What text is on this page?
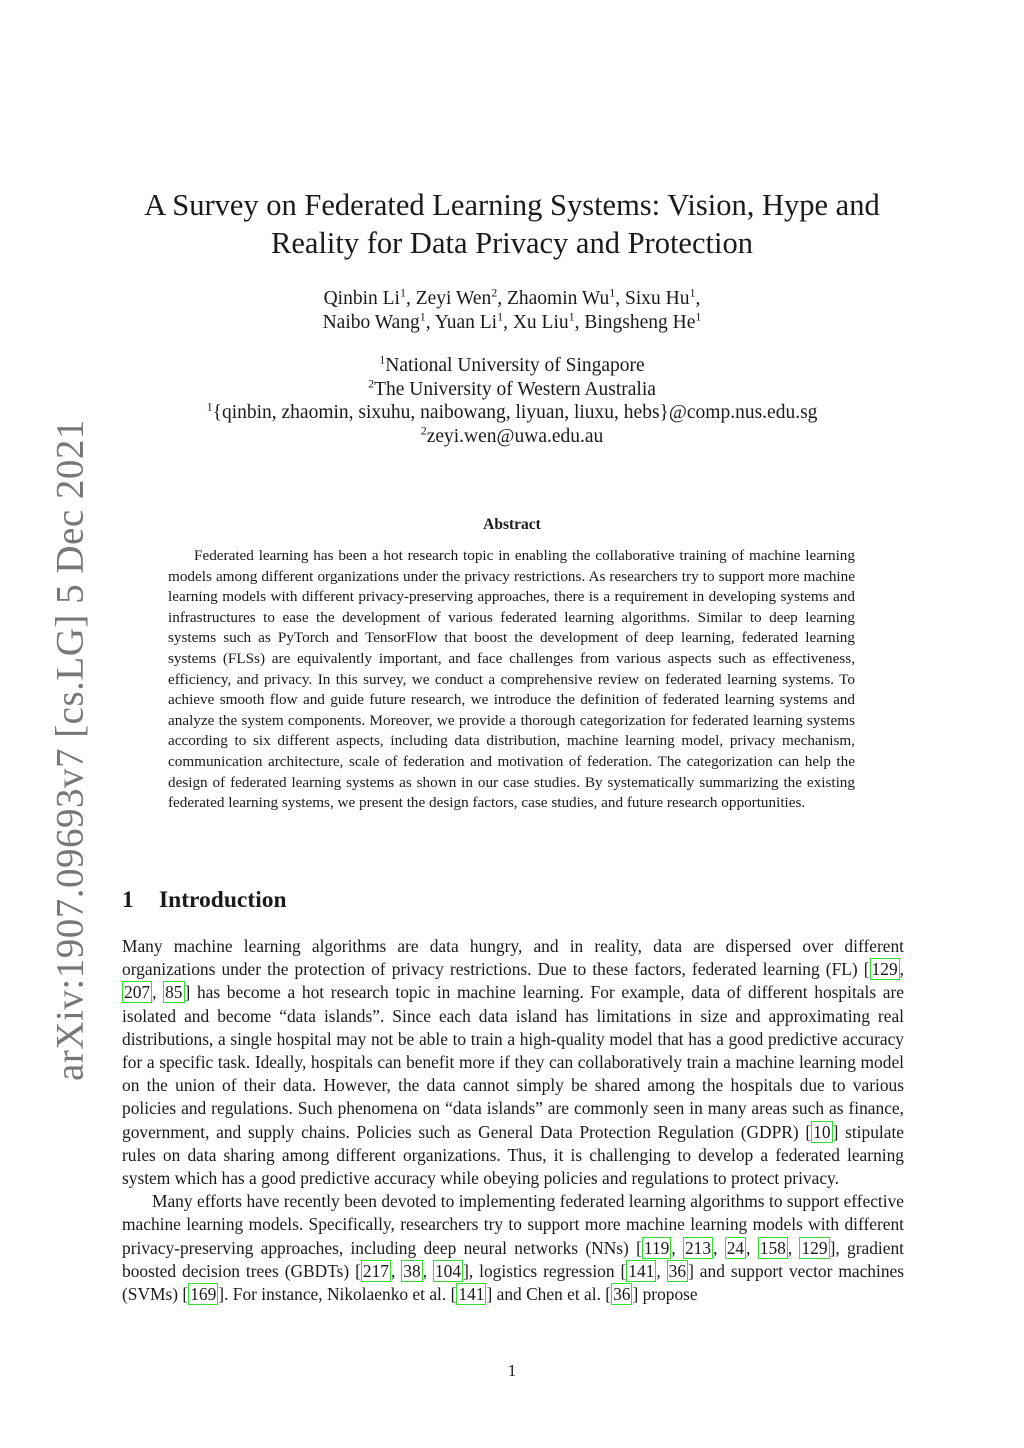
arXiv:1907.09693v7 [cs.LG] 5 Dec 2021
A Survey on Federated Learning Systems: Vision, Hype and
Reality for Data Privacy and Protection
Qinbin Li$^1$, Zeyi Wen$^2$, Zhaomin Wu$^1$, Sixu Hu$^1$,
Naibo Wang$^1$, Yuan Li$^1$, Xu Liu$^1$, Bingsheng He$^1$
$^1$National University of Singapore
$^2$The University of Western Australia
$^1${qinbin, zhaomin, sixuhu, naibowang, liyuan, liuxu, hebs}@comp.nus.edu.sg
$^2$zeyi.wen@uwa.edu.au
Abstract

Federated learning has been a hot research topic in enabling the collaborative training of machine learning models among different organizations under the privacy restrictions. As researchers try to support more machine learning models with different privacy-preserving approaches, there is a requirement in developing systems and infrastructures to ease the development of various federated learning algorithms. Similar to deep learning systems such as PyTorch and TensorFlow that boost the development of deep learning, federated learning systems (FLSs) are equivalently important, and face challenges from various aspects such as effectiveness, efficiency, and privacy. In this survey, we conduct a comprehensive review on federated learning systems. To achieve smooth flow and guide future research, we introduce the definition of federated learning systems and analyze the system components. Moreover, we provide a thorough categorization for federated learning systems according to six different aspects, including data distribution, machine learning model, privacy mechanism, communication architecture, scale of federation and motivation of federation. The categorization can help the design of federated learning systems as shown in our case studies. By systematically summarizing the existing federated learning systems, we present the design factors, case studies, and future research opportunities.

1 Introduction

Many machine learning algorithms are data hungry, and in reality, data are dispersed over different organizations under the protection of privacy restrictions. Due to these factors, federated learning (FL) [ 129 , 207 , 85 ] has become a hot research topic in machine learning. For example, data of different hospitals are isolated and become “data islands”. Since each data island has limitations in size and approximating real distributions, a single hospital may not be able to train a high-quality model that has a good predictive accuracy for a specific task. Ideally, hospitals can benefit more if they can collaboratively train a machine learning model on the union of their data. However, the data cannot simply be shared among the hospitals due to various policies and regulations. Such phenomena on “data islands” are commonly seen in many areas such as finance, government, and supply chains. Policies such as General Data Protection Regulation (GDPR) [ 10 ] stipulate rules on data sharing among different organizations. Thus, it is challenging to develop a federated learning system which has a good predictive accuracy while obeying policies and regulations to protect privacy.

Many efforts have recently been devoted to implementing federated learning algorithms to support effective machine learning models. Specifically, researchers try to support more machine learning models with different privacy-preserving approaches, including deep neural networks (NNs) [ 119 , 213 , 24 , 158 , 129 ], gradient boosted decision trees (GBDTs) [ 217 , 38 , 104 ], logistics regression [ 141 , 36 ] and support vector machines (SVMs) [ 169 ]. For instance, Nikolaenko et al. [ 141 ] and Chen et al. [ 36 ] propose

1
